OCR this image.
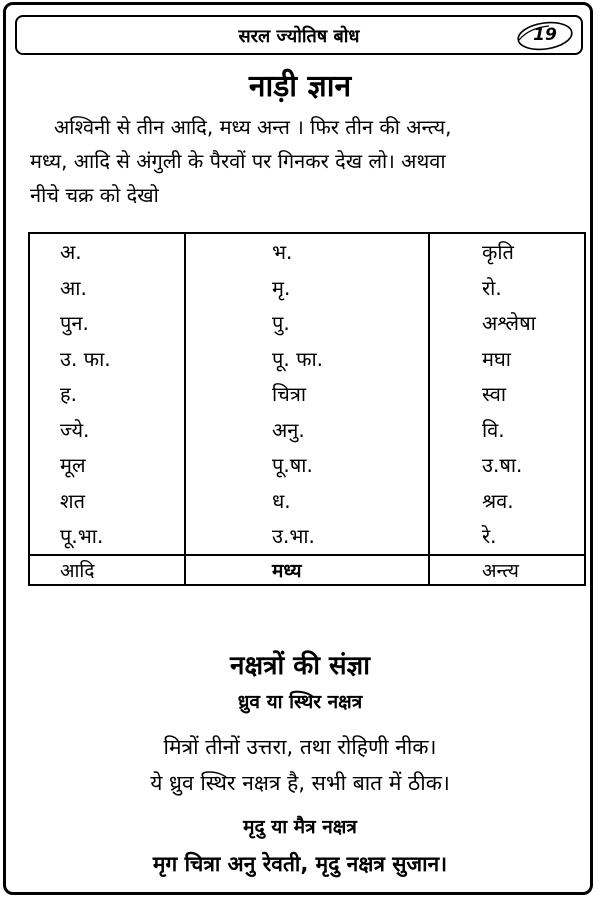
सरल ज्योतिष बोध	19
नाड़ी ज्ञान
अश्विनी से तीन आदि, मध्य अन्त । फिर तीन की अन्त्य,
मध्य, आदि से अंगुली के पैरवों पर गिनकर देख लो। अथवा
नीचे चक्र को देखो
अ.	भ.	कृति
आ.	मृ.	रो.
पुन.	पु.	अश्लेषा
उ. फा.	पू. फा.	मघा
ह.	चित्रा	स्वा
ज्ये.	अनु.	वि.
मूल	पू.षा.	उ.षा.
शत	ध.	श्रव.
पू.भा.	उ.भा.	रे.
आदि	मध्य	अन्त्य
नक्षत्रों की संज्ञा
ध्रुव या स्थिर नक्षत्र
मित्रों तीनों उत्तरा, तथा रोहिणी नीक।
ये ध्रुव स्थिर नक्षत्र है, सभी बात में ठीक।
मृदु या मैत्र नक्षत्र
मृग चित्रा अनु रेवती, मृदु नक्षत्र सुजान।
